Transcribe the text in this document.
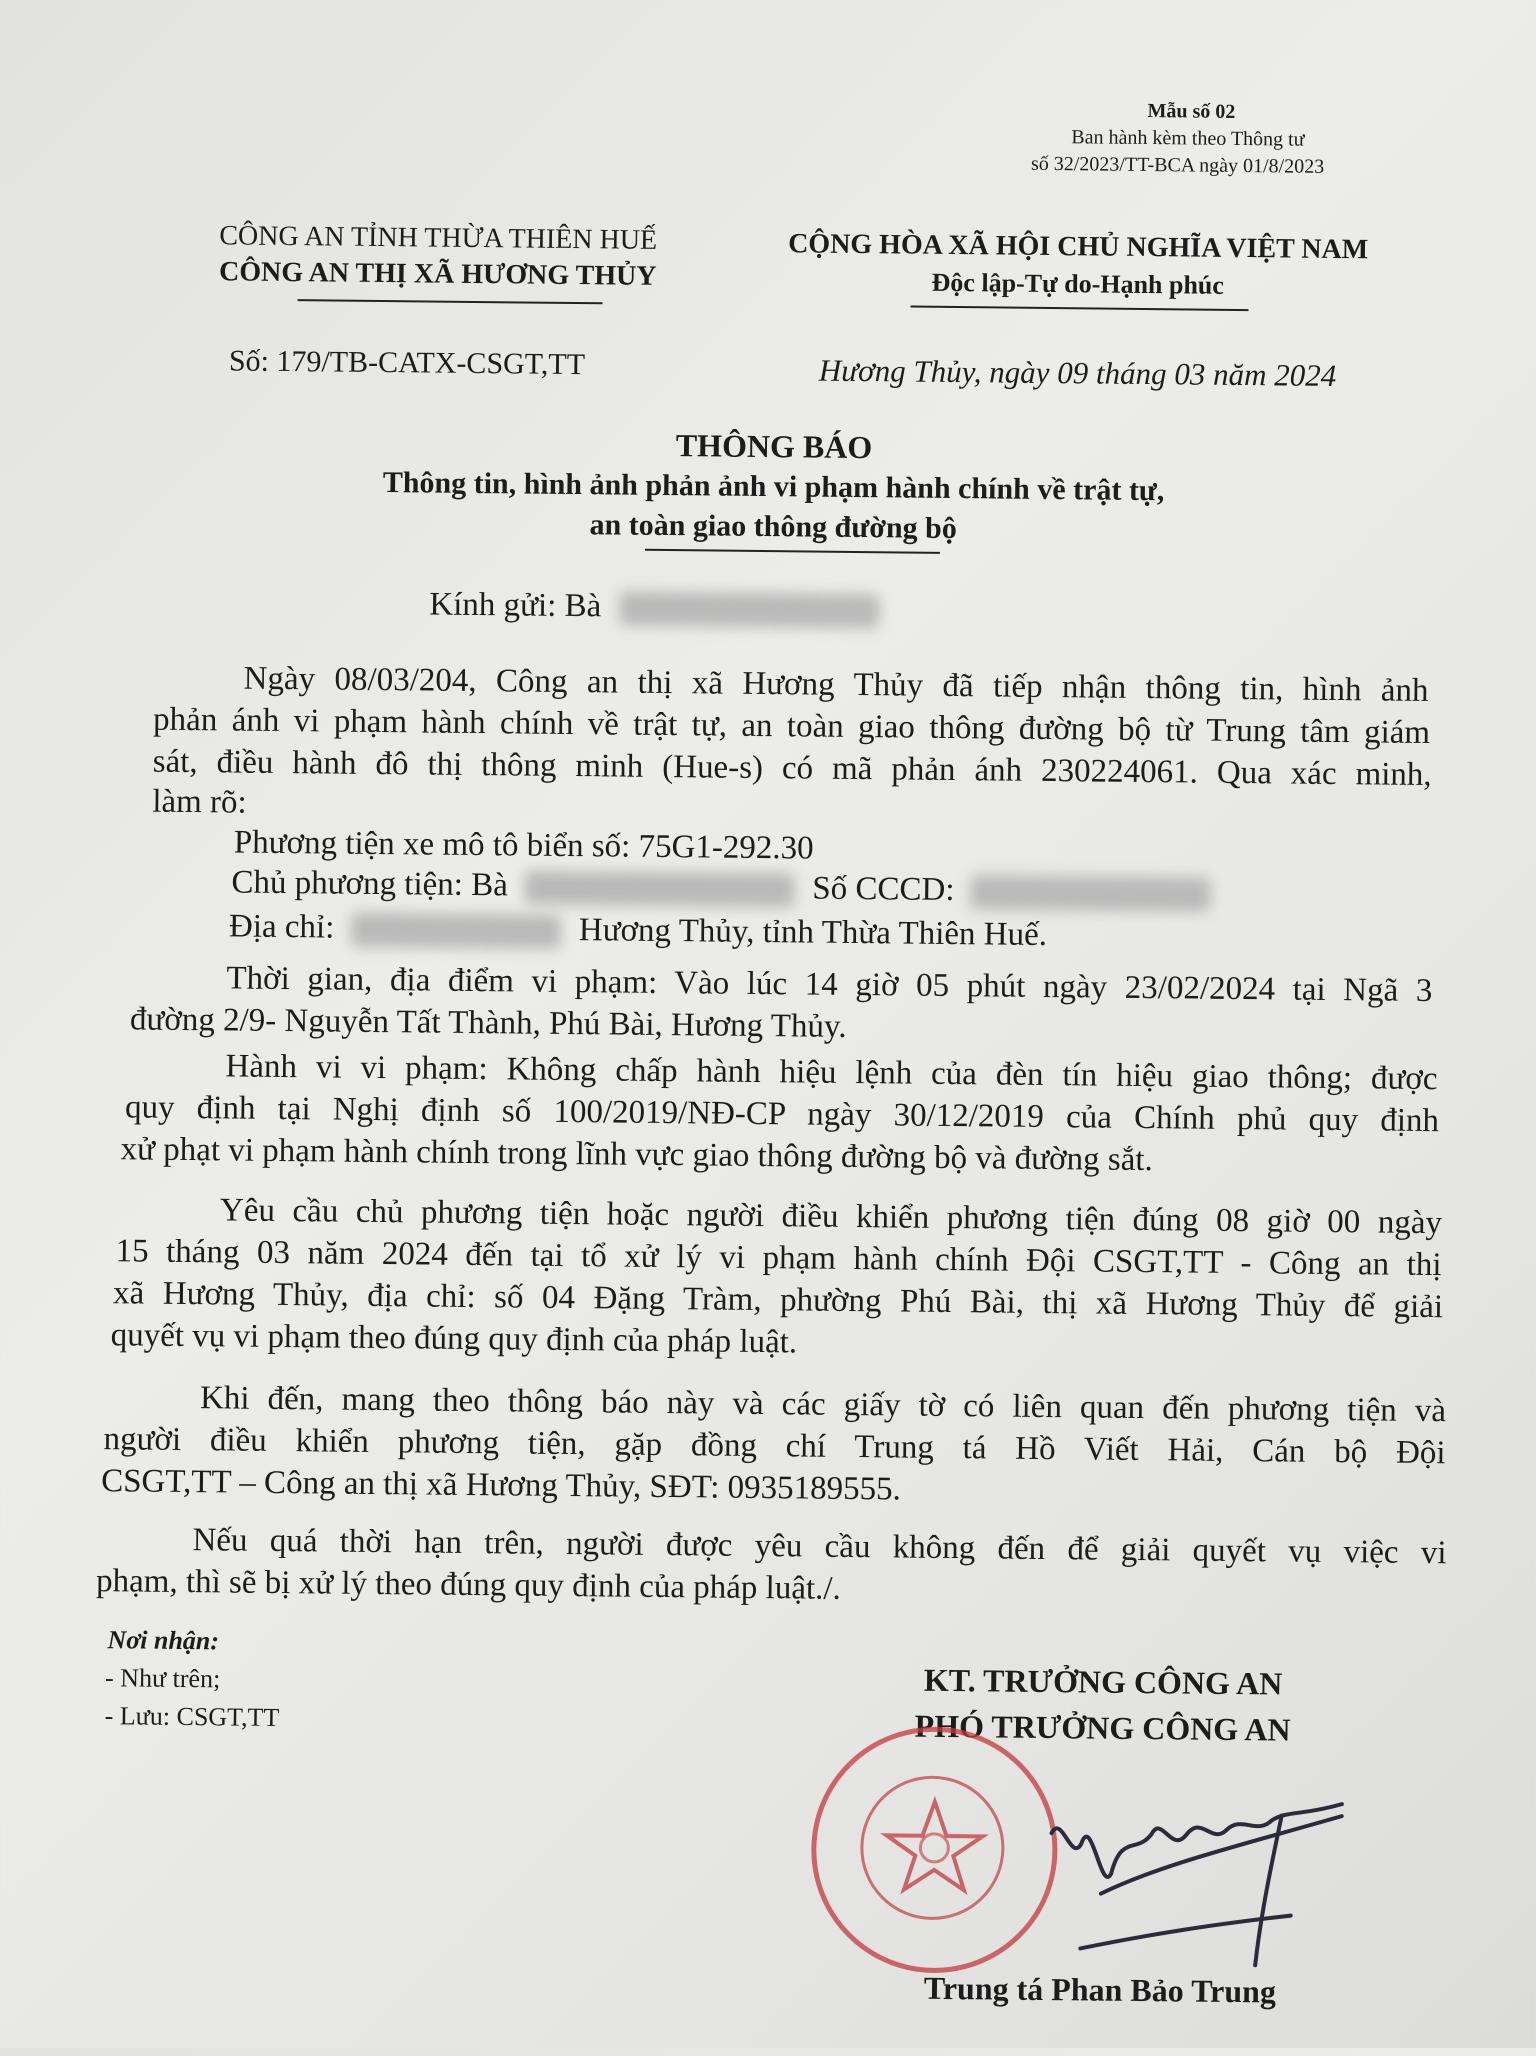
Mẫu số 02
Ban hành kèm theo Thông tư
số 32/2023/TT-BCA ngày 01/8/2023
CÔNG AN TỈNH THỪA THIÊN HUẾ
CÔNG AN THỊ XÃ HƯƠNG THỦY
CỘNG HÒA XÃ HỘI CHỦ NGHĨA VIỆT NAM
Độc lập-Tự do-Hạnh phúc
Số: 179/TB-CATX-CSGT,TT	Hương Thủy, ngày 09 tháng 03 năm 2024
THÔNG BÁO
Thông tin, hình ảnh phản ảnh vi phạm hành chính về trật tự,
an toàn giao thông đường bộ
Kính gửi: Bà
Ngày 08/03/204, Công an thị xã Hương Thủy đã tiếp nhận thông tin, hình ảnh
phản ánh vi phạm hành chính về trật tự, an toàn giao thông đường bộ từ Trung tâm giám
sát, điều hành đô thị thông minh (Hue-s) có mã phản ánh 230224061. Qua xác minh,
làm rõ:
Phương tiện xe mô tô biển số: 75G1-292.30
Chủ phương tiện: Bà	Số CCCD:
Địa chỉ:	Hương Thủy, tỉnh Thừa Thiên Huế.
Thời gian, địa điểm vi phạm: Vào lúc 14 giờ 05 phút ngày 23/02/2024 tại Ngã 3
đường 2/9- Nguyễn Tất Thành, Phú Bài, Hương Thủy.
Hành vi vi phạm: Không chấp hành hiệu lệnh của đèn tín hiệu giao thông; được
quy định tại Nghị định số 100/2019/NĐ-CP ngày 30/12/2019 của Chính phủ quy định
xử phạt vi phạm hành chính trong lĩnh vực giao thông đường bộ và đường sắt.
Yêu cầu chủ phương tiện hoặc người điều khiển phương tiện đúng 08 giờ 00 ngày
15 tháng 03 năm 2024 đến tại tổ xử lý vi phạm hành chính Đội CSGT,TT - Công an thị
xã Hương Thủy, địa chỉ: số 04 Đặng Tràm, phường Phú Bài, thị xã Hương Thủy để giải
quyết vụ vi phạm theo đúng quy định của pháp luật.
Khi đến, mang theo thông báo này và các giấy tờ có liên quan đến phương tiện và
người điều khiển phương tiện, gặp đồng chí Trung tá Hồ Viết Hải, Cán bộ Đội
CSGT,TT – Công an thị xã Hương Thủy, SĐT: 0935189555.
Nếu quá thời hạn trên, người được yêu cầu không đến để giải quyết vụ việc vi
phạm, thì sẽ bị xử lý theo đúng quy định của pháp luật./.
Nơi nhận:
- Như trên;
- Lưu: CSGT,TT
KT. TRƯỞNG CÔNG AN
PHÓ TRƯỞNG CÔNG AN
Trung tá Phan Bảo Trung
